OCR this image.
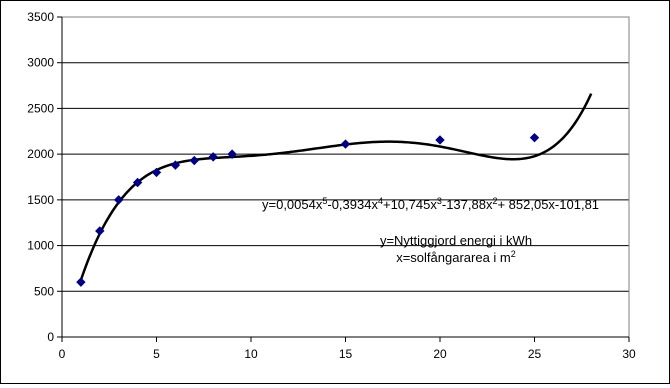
0
500
1000
1500
2000
2500
3000
3500
0	5	10	15	20	25	30
$y=0,0054x^5-0,3934x^4+10,745x^3-137,88x^2+ 852,05x-101,81$
y=Nyttiggjord energi i kWh
x=solfångararea i $m^2$
